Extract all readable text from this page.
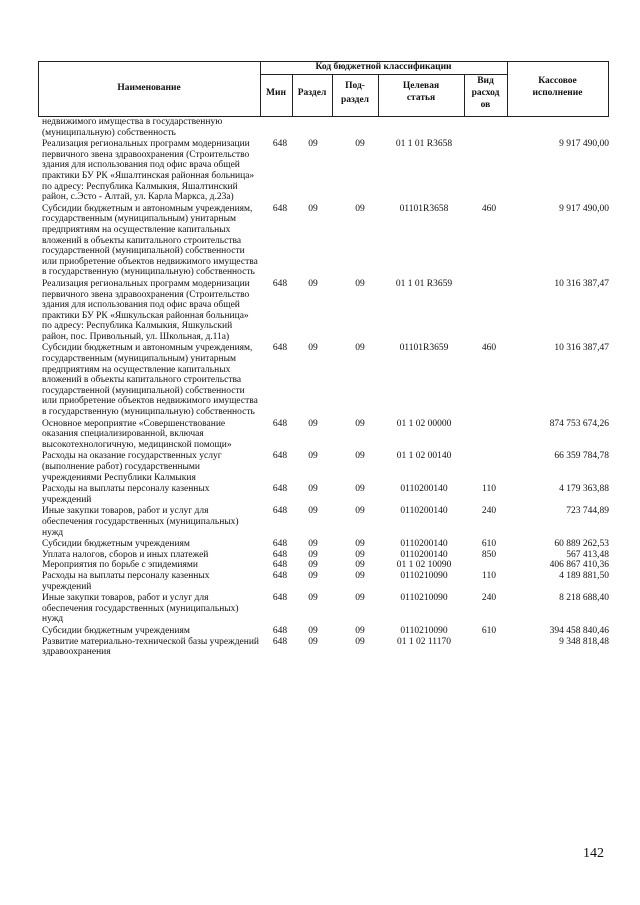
Наименование
Код бюджетной классификации
Мин	Раздел
Под-
раздел
Целевая
статья
Вид
расход
ов
Кассовое
исполнение
недвижимого имущества в государственную (муниципальную) собственность
Реализация региональных программ модернизации первичного звена здравоохранения (Строительство здания для использования под офис врача общей практики БУ РК «Яшалтинская районная больница» по адресу: Республика Калмыкия, Яшалтинский район, с.Эсто - Алтай, ул. Карла Маркса, д.23а)
648	09	09	01 1 01 R3658	9 917 490,00
Субсидии бюджетным и автономным учреждениям, государственным (муниципальным) унитарным предприятиям на осуществление капитальных вложений в объекты капитального строительства государственной (муниципальной) собственности или приобретение объектов недвижимого имущества в государственную (муниципальную) собственность
648	09	09	01101R3658	460	9 917 490,00
Реализация региональных программ модернизации первичного звена здравоохранения (Строительство здания для использования под офис врача общей практики БУ РК «Яшкульская районная больница» по адресу: Республика Калмыкия, Яшкульский район, пос. Привольный, ул. Школьная, д.11а)
648	09	09	01 1 01 R3659	10 316 387,47
Субсидии бюджетным и автономным учреждениям, государственным (муниципальным) унитарным предприятиям на осуществление капитальных вложений в объекты капитального строительства государственной (муниципальной) собственности или приобретение объектов недвижимого имущества в государственную (муниципальную) собственность
648	09	09	01101R3659	460	10 316 387,47
Основное мероприятие «Совершенствование оказания специализированной, включая высокотехнологичную, медицинской помощи»
648	09	09	01 1 02 00000	874 753 674,26
Расходы на оказание государственных услуг (выполнение работ) государственными учреждениями Республики Калмыкия
648	09	09	01 1 02 00140	66 359 784,78
Расходы на выплаты персоналу казенных учреждений
648	09	09	0110200140	110	4 179 363,88
Иные закупки товаров, работ и услуг для обеспечения государственных (муниципальных) нужд
648	09	09	0110200140	240	723 744,89
Субсидии бюджетным учреждениям	648	09	09	0110200140	610	60 889 262,53
Уплата налогов, сборов и иных платежей	648	09	09	0110200140	850	567 413,48
Мероприятия по борьбе с эпидемиями	648	09	09	01 1 02 10090	406 867 410,36
Расходы на выплаты персоналу казенных учреждений
648	09	09	0110210090	110	4 189 881,50
Иные закупки товаров, работ и услуг для обеспечения государственных (муниципальных) нужд
648	09	09	0110210090	240	8 218 688,40
Субсидии бюджетным учреждениям	648	09	09	0110210090	610	394 458 840,46
Развитие материально-технической базы учреждений здравоохранения
648	09	09	01 1 02 11170	9 348 818,48
142
